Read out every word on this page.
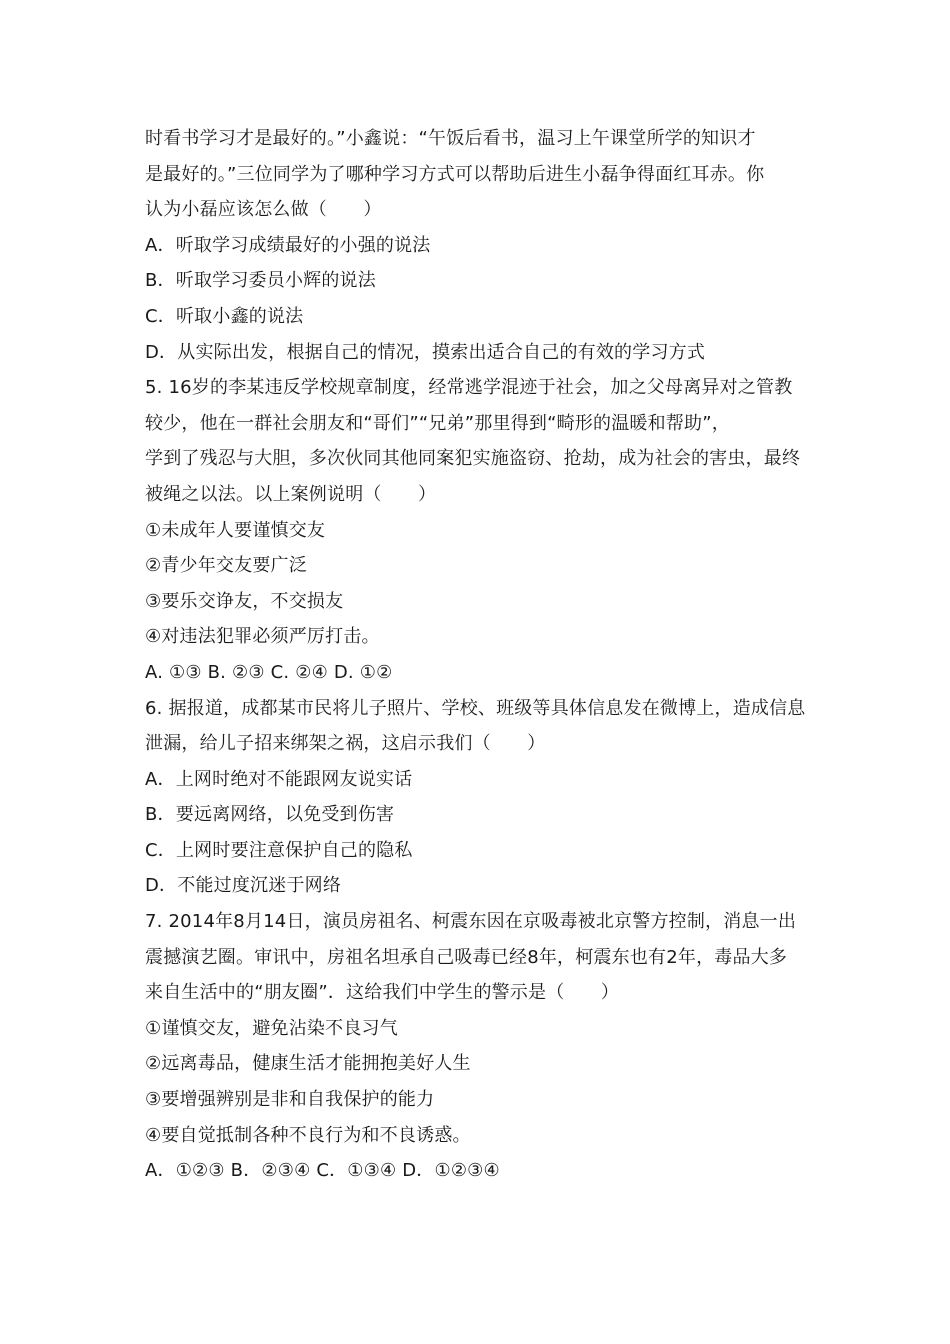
时看书学习才是最好的。”小鑫说：“午饭后看书，温习上午课堂所学的知识才
是最好的。”三位同学为了哪种学习方式可以帮助后进生小磊争得面红耳赤。你
认为小磊应该怎么做（　　）
A．听取学习成绩最好的小强的说法
B．听取学习委员小辉的说法
C．听取小鑫的说法
D．从实际出发，根据自己的情况，摸索出适合自己的有效的学习方式
5. 16岁的李某违反学校规章制度，经常逃学混迹于社会，加之父母离异对之管教
较少，他在一群社会朋友和“哥们”“兄弟”那里得到“畸形的温暖和帮助”，
学到了残忍与大胆，多次伙同其他同案犯实施盗窃、抢劫，成为社会的害虫，最终
被绳之以法。以上案例说明（　　）
①未成年人要谨慎交友
②青少年交友要广泛
③要乐交诤友，不交损友
④对违法犯罪必须严厉打击。
A. ①③ B. ②③ C. ②④ D. ①②
6. 据报道，成都某市民将儿子照片、学校、班级等具体信息发在微博上，造成信息
泄漏，给儿子招来绑架之祸，这启示我们（　　）
A．上网时绝对不能跟网友说实话
B．要远离网络，以免受到伤害
C．上网时要注意保护自己的隐私
D．不能过度沉迷于网络
7. 2014年8月14日，演员房祖名、柯震东因在京吸毒被北京警方控制，消息一出
震撼演艺圈。审讯中，房祖名坦承自己吸毒已经8年，柯震东也有2年，毒品大多
来自生活中的“朋友圈”．这给我们中学生的警示是（　　）
①谨慎交友，避免沾染不良习气
②远离毒品，健康生活才能拥抱美好人生
③要增强辨别是非和自我保护的能力
④要自觉抵制各种不良行为和不良诱惑。
A．①②③ B．②③④ C．①③④ D．①②③④
